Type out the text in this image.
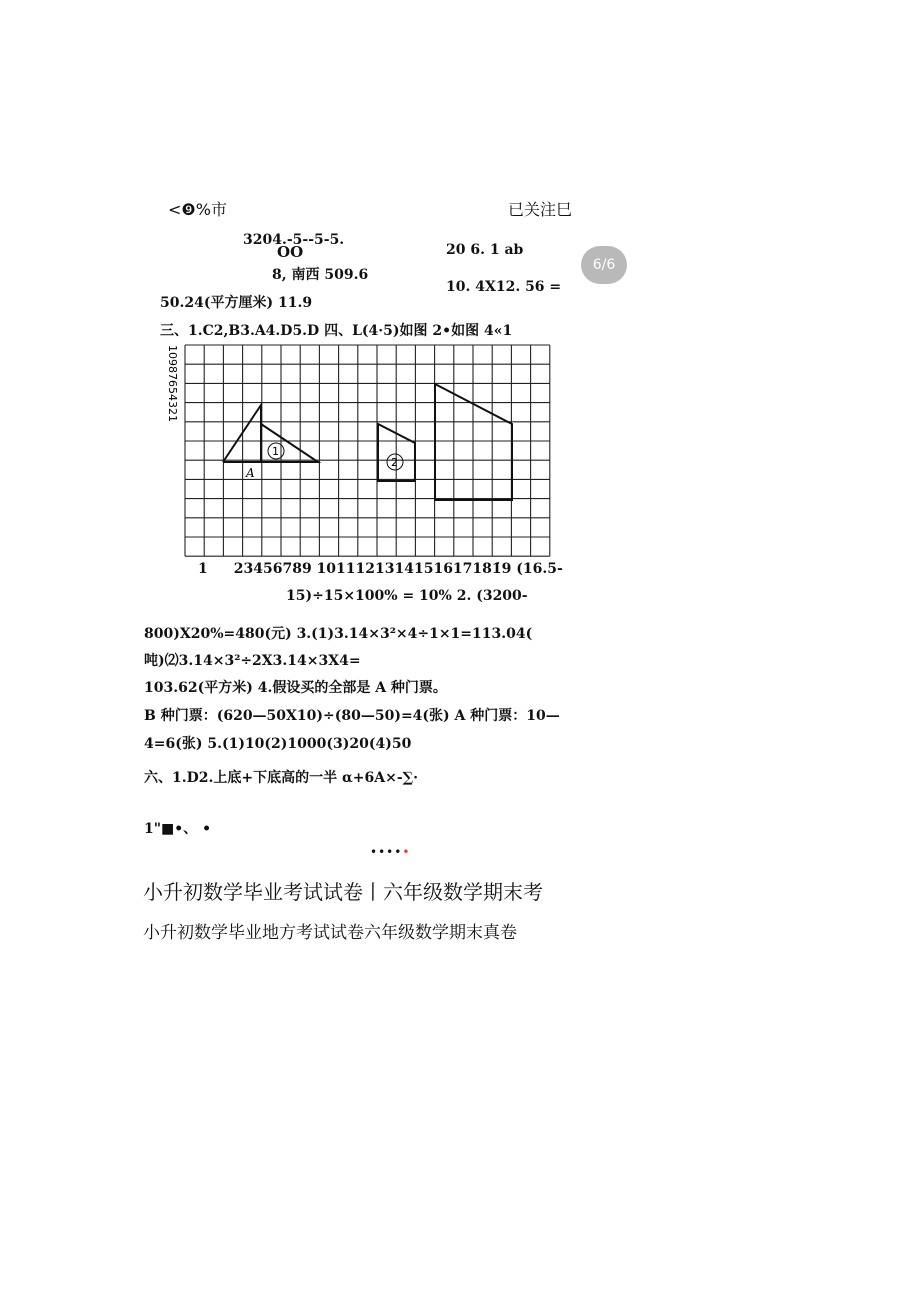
<❾%市	已关注巳
6/6
3204.-5--5-5.
OO	20 6. 1 ab
8, 南西 509.6
50.24(平方厘米) 11.9
10. 4X12. 56 =
三、1.C2,B3.A4.D5.D 四、L(4·5)如图 2•如图 4«1
1
2
A
10987654321
1 23456789 1011121314151617181̇9 (16.5-
15)÷15×100% = 10% 2. (3200-
800)X20%=480(元) 3.(1)3.14×3²×4÷1×1=113.04(
吨)⑵3.14×3²÷2X3.14×3X4=
103.62(平方米) 4.假设买的全部是 A 种门票。
B 种门票：(620—50X10)÷(80—50)=4(张) A 种门票：10—
4=6(张) 5.(1)10(2)1000(3)20(4)50
六、1.D2.上底+下底高的一半 α+6A×-∑·
1"■•、 •
•••••
小升初数学毕业考试试卷丨六年级数学期末考
小升初数学毕业地方考试试卷六年级数学期末真卷
